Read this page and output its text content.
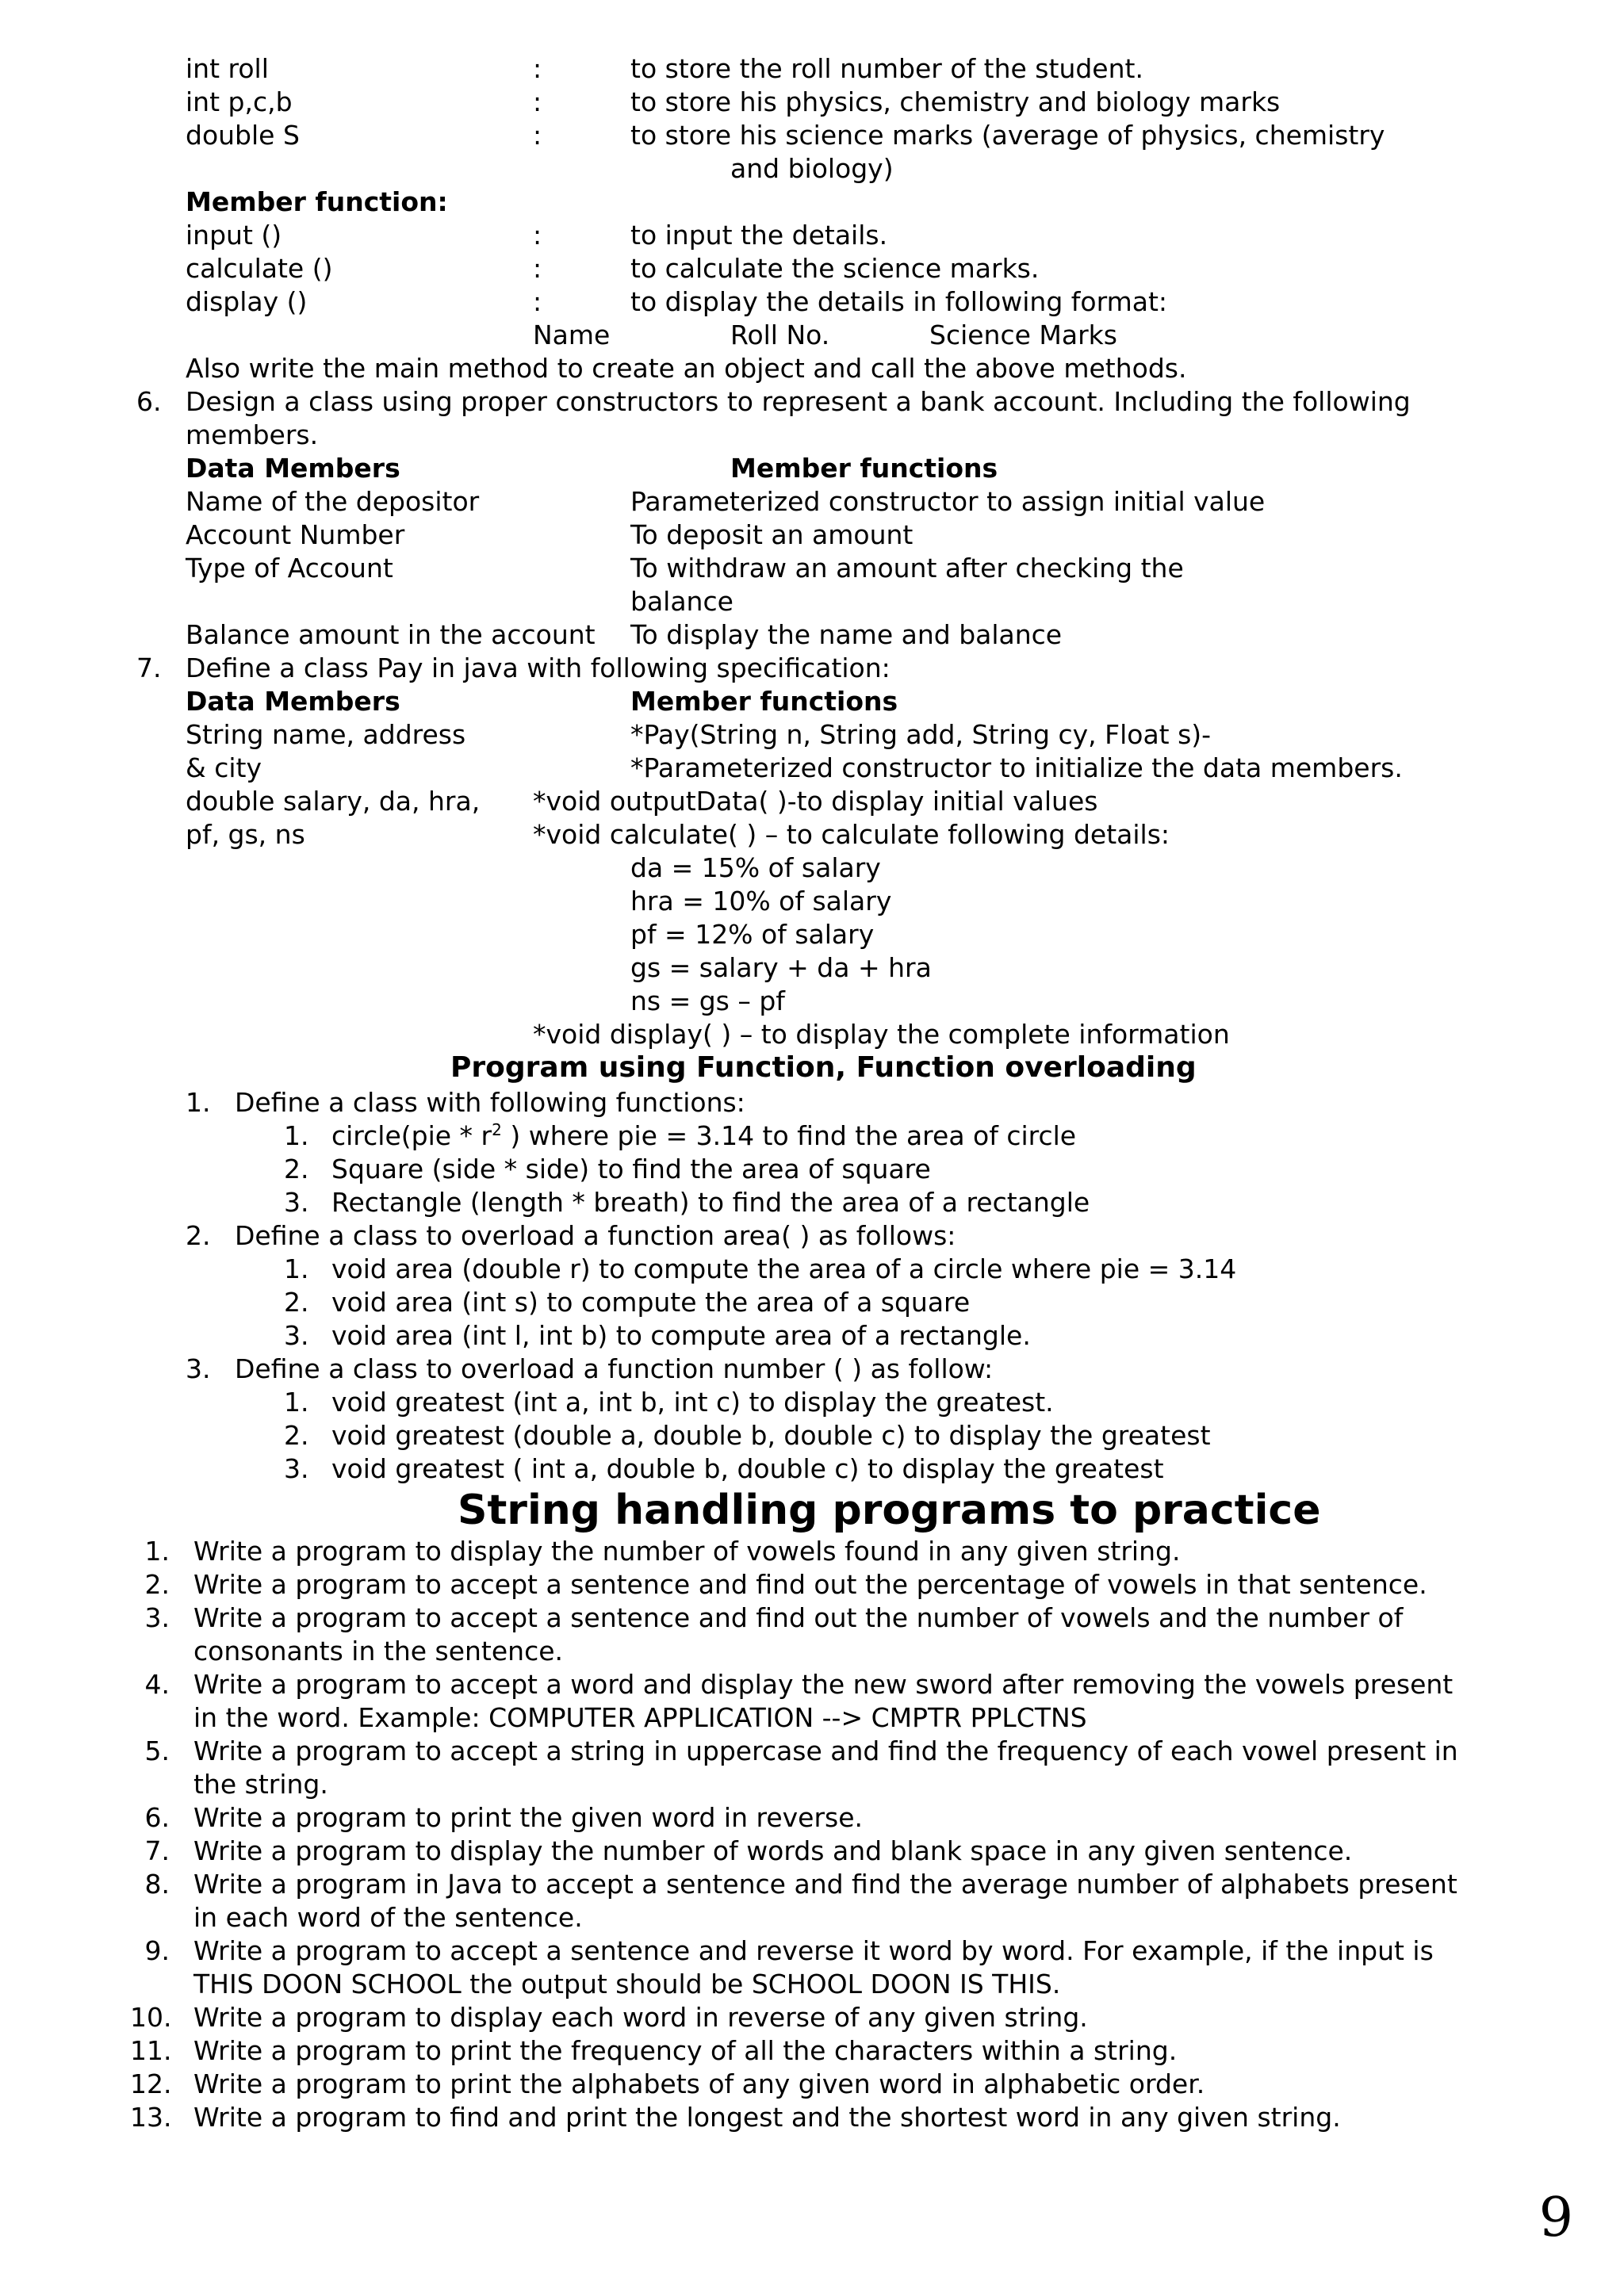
int roll	:	to store the roll number of the student.
int p,c,b	:	to store his physics, chemistry and biology marks
double S	:	to store his science marks (average of physics, chemistry
and biology)
Member function:
input ()	:	to input the details.
calculate ()	:	to calculate the science marks.
display ()	:	to display the details in following format:
Name	Roll No.	Science Marks
Also write the main method to create an object and call the above methods.
6. Design a class using proper constructors to represent a bank account. Including the following
members.
Data Members	Member functions
Name of the depositor	Parameterized constructor to assign initial value
Account Number	To deposit an amount
Type of Account	To withdraw an amount after checking the
balance
Balance amount in the account To display the name and balance
7. Define a class Pay in java with following specification:
Data Members	Member functions
String name, address	*Pay(String n, String add, String cy, Float s)-
& city	*Parameterized constructor to initialize the data members.
double salary, da, hra, *void outputData( )-to display initial values
pf, gs, ns	*void calculate( ) – to calculate following details:
da = 15% of salary
hra = 10% of salary
pf = 12% of salary
gs = salary + da + hra
ns = gs – pf
*void display( ) – to display the complete information
Program using Function, Function overloading
1. Define a class with following functions:
1. circle(pie * $r^2$ ) where pie = 3.14 to find the area of circle
2. Square (side * side) to find the area of square
3. Rectangle (length * breath) to find the area of a rectangle
2. Define a class to overload a function area( ) as follows:
1. void area (double r) to compute the area of a circle where pie = 3.14
2. void area (int s) to compute the area of a square
3. void area (int l, int b) to compute area of a rectangle.
3. Define a class to overload a function number ( ) as follow:
1. void greatest (int a, int b, int c) to display the greatest.
2. void greatest (double a, double b, double c) to display the greatest
3. void greatest ( int a, double b, double c) to display the greatest
String handling programs to practice
1. Write a program to display the number of vowels found in any given string.
2. Write a program to accept a sentence and find out the percentage of vowels in that sentence.
3. Write a program to accept a sentence and find out the number of vowels and the number of
consonants in the sentence.
4. Write a program to accept a word and display the new sword after removing the vowels present
in the word. Example: COMPUTER APPLICATION --> CMPTR PPLCTNS
5. Write a program to accept a string in uppercase and find the frequency of each vowel present in
the string.
6. Write a program to print the given word in reverse.
7. Write a program to display the number of words and blank space in any given sentence.
8. Write a program in Java to accept a sentence and find the average number of alphabets present
in each word of the sentence.
9. Write a program to accept a sentence and reverse it word by word. For example, if the input is
THIS DOON SCHOOL the output should be SCHOOL DOON IS THIS.
10. Write a program to display each word in reverse of any given string.
11. Write a program to print the frequency of all the characters within a string.
12. Write a program to print the alphabets of any given word in alphabetic order.
13. Write a program to find and print the longest and the shortest word in any given string.
9
